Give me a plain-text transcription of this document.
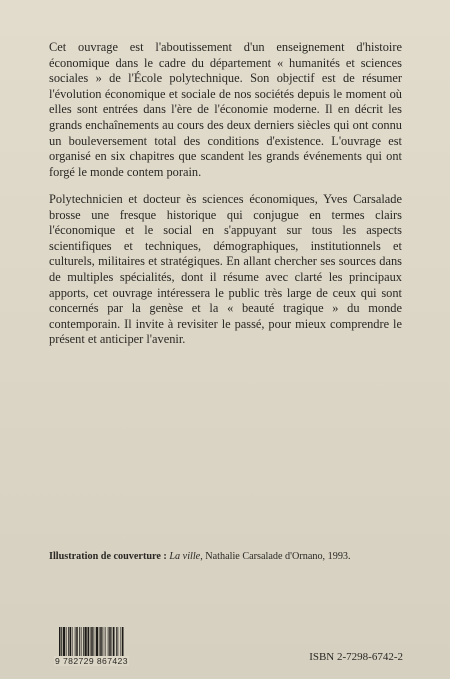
Cet ouvrage est l'aboutissement d'un enseignement d'histoire économique dans le cadre du département « humanités et sciences sociales » de l'École polytechnique. Son objectif est de résumer l'évolution économique et sociale de nos sociétés depuis le moment où elles sont entrées dans l'ère de l'économie moderne. Il en décrit les grands enchaînements au cours des deux derniers siècles qui ont connu un bouleversement total des conditions d'existence. L'ouvrage est organisé en six chapitres que scandent les grands événements qui ont forgé le monde contem porain.

Polytechnicien et docteur ès sciences économiques, Yves Carsalade brosse une fresque historique qui conjugue en termes clairs l'économique et le social en s'appuyant sur tous les aspects scientifiques et techniques, démographiques, institutionnels et culturels, militaires et stratégiques. En allant chercher ses sources dans de multiples spécialités, dont il résume avec clarté les principaux apports, cet ouvrage intéressera le public très large de ceux qui sont concernés par la genèse et la « beauté tragique » du monde contemporain. Il invite à revisiter le passé, pour mieux comprendre le présent et anticiper l'avenir.

Illustration de couverture : La ville, Nathalie Carsalade d'Ornano, 1993.

9 782729 867423	ISBN 2-7298-6742-2
